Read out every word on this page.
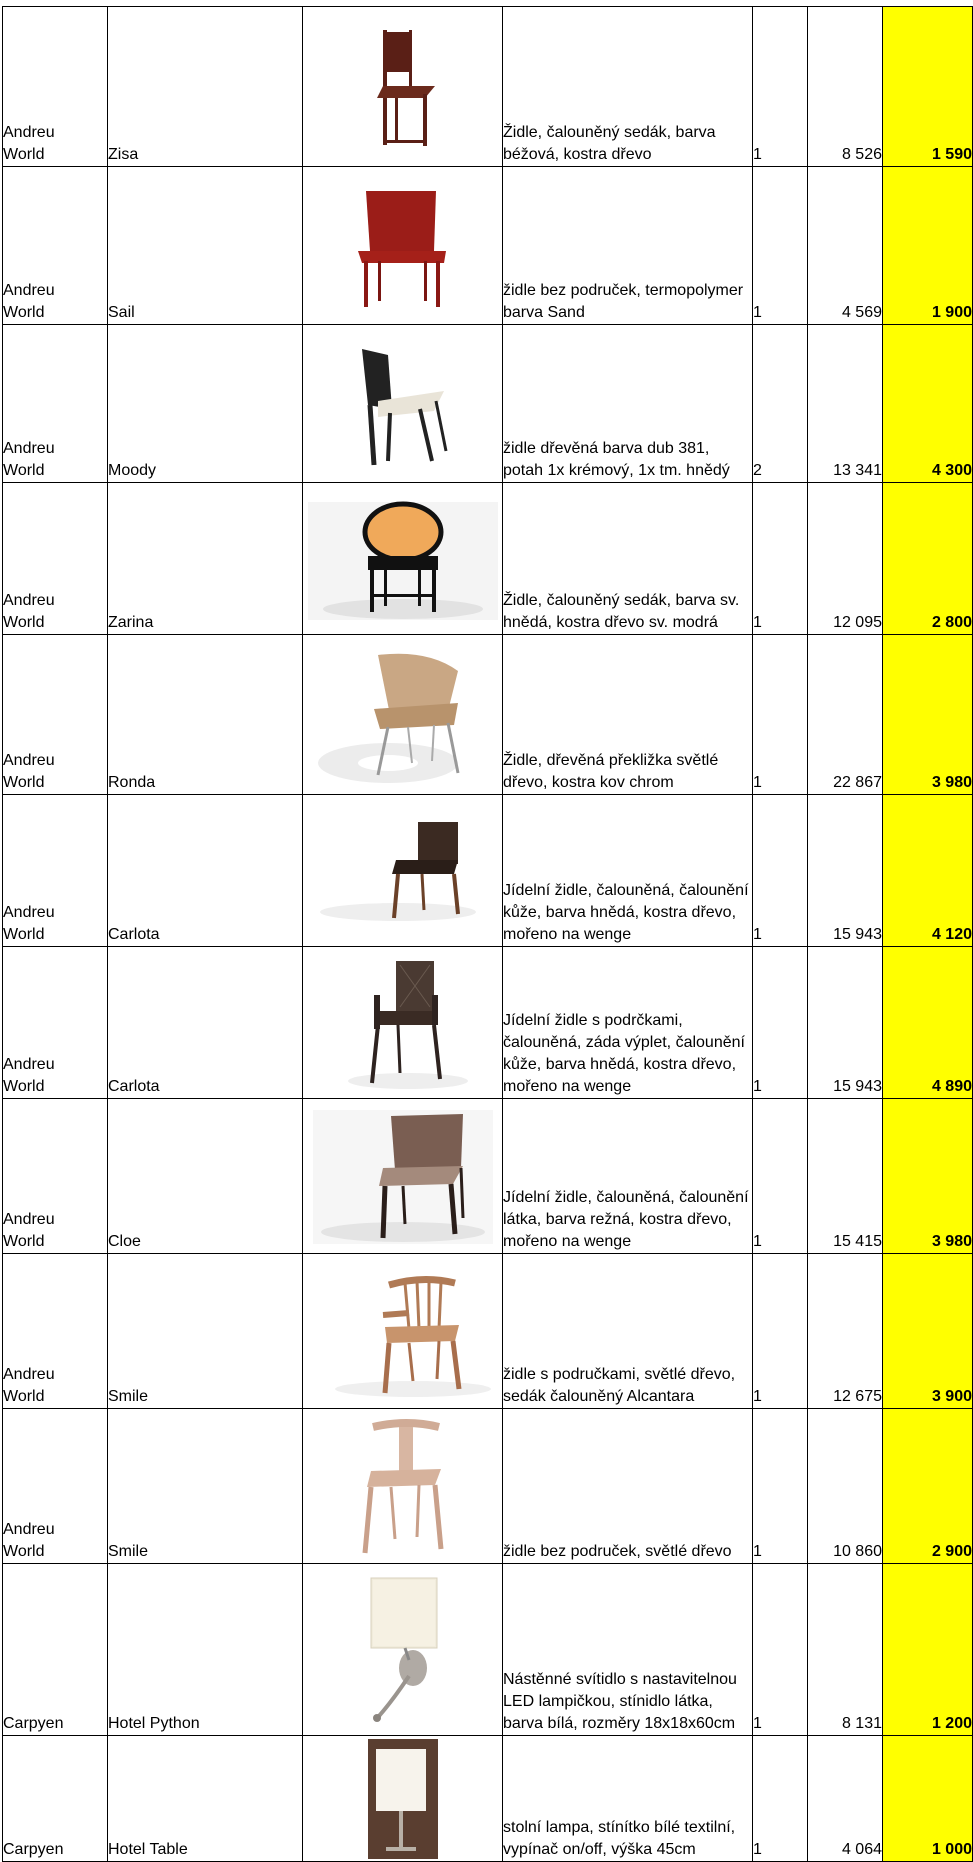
Andreu
World	Zisa		Židle, čalouněný sedák, barva béžová, kostra dřevo	1	8 526	1 590

Andreu
World	Sail		židle bez područek, termopolymer barva Sand	1	4 569	1 900

Andreu
World	Moody		židle dřevěná barva dub 381, potah 1x krémový, 1x tm. hnědý	2	13 341	4 300

Andreu
World	Zarina		Židle, čalouněný sedák, barva sv. hnědá, kostra dřevo sv. modrá	1	12 095	2 800

Andreu
World	Ronda		Židle, dřevěná překližka světlé dřevo, kostra kov chrom	1	22 867	3 980

Andreu
World	Carlota		Jídelní židle, čalouněná, čalounění kůže, barva hnědá, kostra dřevo, mořeno na wenge	1	15 943	4 120

Andreu
World	Carlota		Jídelní židle s podrčkami, čalouněná, záda výplet, čalounění kůže, barva hnědá, kostra dřevo, mořeno na wenge	1	15 943	4 890

Andreu
World	Cloe		Jídelní židle, čalouněná, čalounění látka, barva režná, kostra dřevo, mořeno na wenge	1	15 415	3 980

Andreu
World	Smile		židle s područkami, světlé dřevo, sedák čalouněný Alcantara	1	12 675	3 900

Andreu
World	Smile		židle bez područek, světlé dřevo	1	10 860	2 900

Carpyen	Hotel Python		Nástěnné svítidlo s nastavitelnou LED lampičkou, stínidlo látka, barva bílá, rozměry 18x18x60cm	1	8 131	1 200

Carpyen	Hotel Table		stolní lampa, stínítko bílé textilní, vypínač on/off, výška 45cm	1	4 064	1 000
